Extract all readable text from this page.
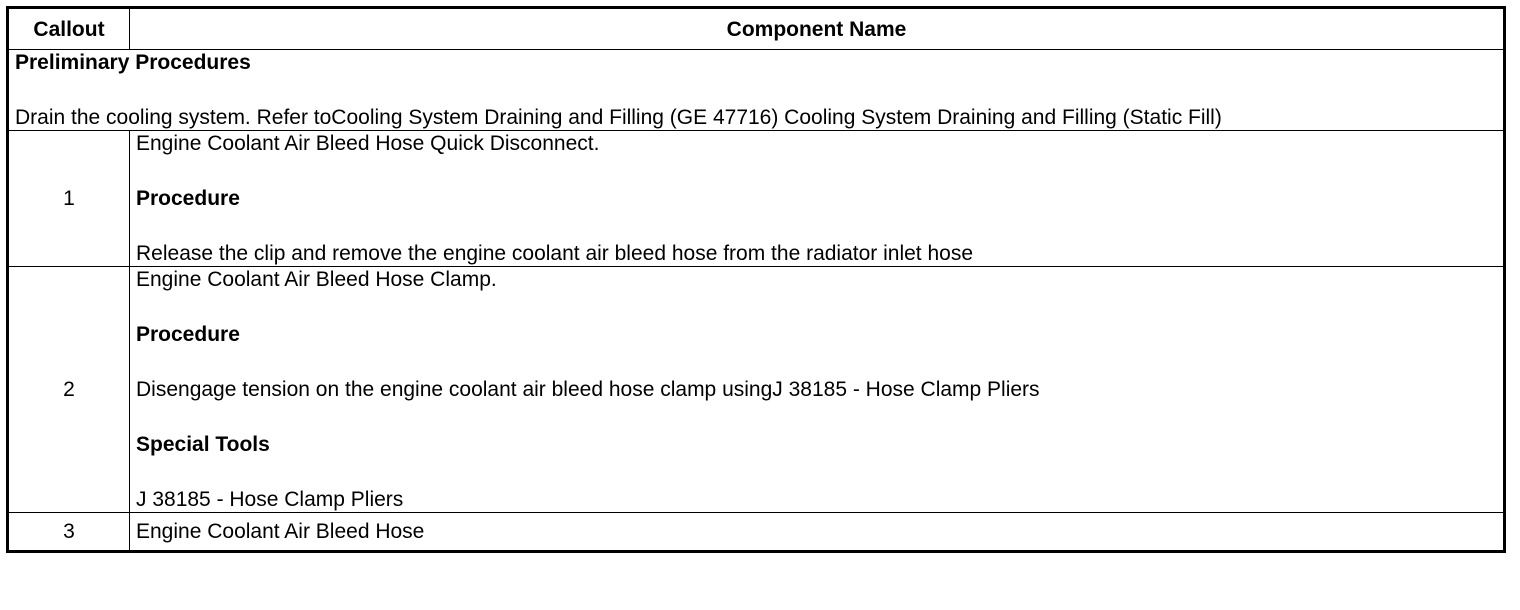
Callout	Component Name

Preliminary Procedures
Drain the cooling system. Refer toCooling System Draining and Filling (GE 47716) Cooling System Draining and Filling (Static Fill)	

1	Engine Coolant Air Bleed Hose Quick Disconnect.
Procedure
Release the clip and remove the engine coolant air bleed hose from the radiator inlet hose

2	Engine Coolant Air Bleed Hose Clamp.
Procedure
Disengage tension on the engine coolant air bleed hose clamp usingJ 38185 - Hose Clamp Pliers
Special Tools
J 38185 - Hose Clamp Pliers

3	Engine Coolant Air Bleed Hose
